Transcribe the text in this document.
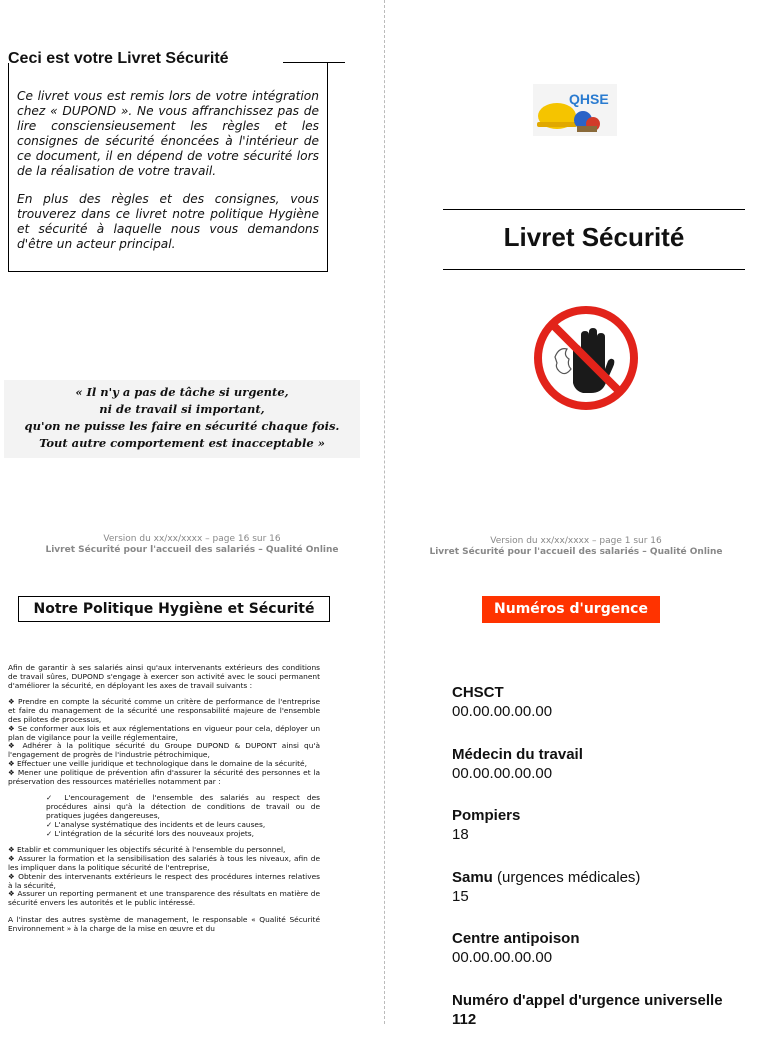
Ceci est votre Livret Sécurité

Ce livret vous est remis lors de votre intégration chez « DUPOND ». Ne vous affranchissez pas de lire consciensieusement les règles et les consignes de sécurité énoncées à l'intérieur de ce document, il en dépend de votre sécurité lors de la réalisation de votre travail.

En plus des règles et des consignes, vous trouverez dans ce livret notre politique Hygiène et sécurité à laquelle nous vous demandons d'être un acteur principal.

« Il n'y a pas de tâche si urgente,
ni de travail si important,
qu'on ne puisse les faire en sécurité chaque fois.
Tout autre comportement est inacceptable »
Version du xx/xx/xxxx – page 16 sur 16
Livret Sécurité pour l'accueil des salariés – Qualité Online
QHSE
Livret Sécurité
Version du xx/xx/xxxx – page 1 sur 16
Livret Sécurité pour l'accueil des salariés – Qualité Online
Notre Politique Hygiène et Sécurité

Afin de garantir à ses salariés ainsi qu'aux intervenants extérieurs des conditions de travail sûres, DUPOND s'engage à exercer son activité avec le souci permanent d'améliorer la sécurité, en déployant les axes de travail suivants :

❖ Prendre en compte la sécurité comme un critère de performance de l'entreprise et faire du management de la sécurité une responsabilité majeure de l'ensemble des pilotes de processus,
❖ Se conformer aux lois et aux réglementations en vigueur pour cela, déployer un plan de vigilance pour la veille réglementaire,
❖ Adhérer à la politique sécurité du Groupe DUPOND & DUPONT ainsi qu'à l'engagement de progrès de l'industrie pétrochimique,
❖ Effectuer une veille juridique et technologique dans le domaine de la sécurité,
❖ Mener une politique de prévention afin d'assurer la sécurité des personnes et la préservation des ressources matérielles notamment par :
✓ L'encouragement de l'ensemble des salariés au respect des procédures ainsi qu'à la détection de conditions de travail ou de pratiques jugées dangereuses,
✓ L'analyse systématique des incidents et de leurs causes,
✓ L'intégration de la sécurité lors des nouveaux projets,
❖ Etablir et communiquer les objectifs sécurité à l'ensemble du personnel,
❖ Assurer la formation et la sensibilisation des salariés à tous les niveaux, afin de les impliquer dans la politique sécurité de l'entreprise,
❖ Obtenir des intervenants extérieurs le respect des procédures internes relatives à la sécurité,
❖ Assurer un reporting permanent et une transparence des résultats en matière de sécurité envers les autorités et le public intéressé.

A l'instar des autres système de management, le responsable « Qualité Sécurité Environnement » à la charge de la mise en œuvre et du

Numéros d'urgence
CHSCT
00.00.00.00.00
Médecin du travail
00.00.00.00.00
Pompiers
18
Samu (urgences médicales)
15
Centre antipoison
00.00.00.00.00
Numéro d'appel d'urgence universelle
112
